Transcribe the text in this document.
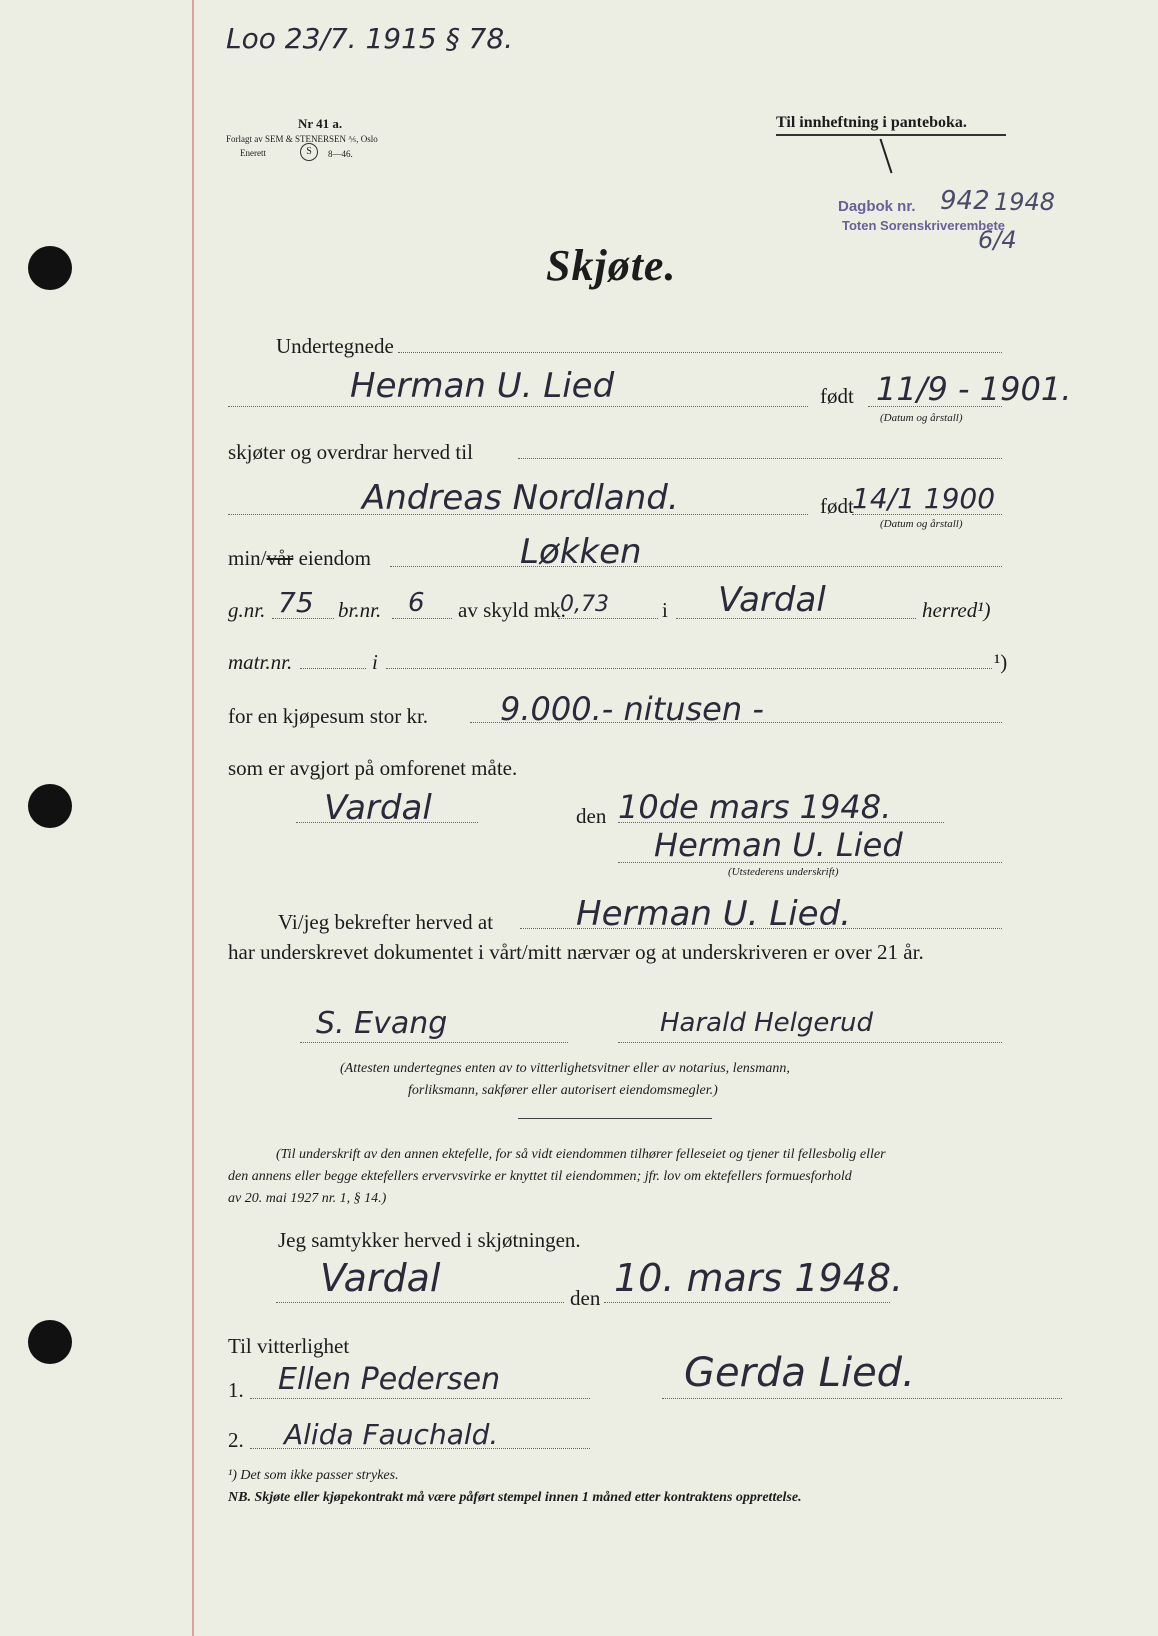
Loo 23/7. 1915 § 78.
Nr 41 a.
Forlagt av SEM & STENERSEN ⅍, Oslo
Enerett	S	8—46.
Til innheftning i panteboka.
Dagbok nr. 942 1948
Toten Sorenskriverembete
6/4
Skjøte.
Undertegnede
Herman U. Lied	født 11/9 - 1901.
(Datum og årstall)
skjøter og overdrar herved til
Andreas Nordland.	født
14/1 1900
(Datum og årstall)
min/vår eiendom	Løkken
g.nr. 75 br.nr. 6 av skyld mk.
0,73	i Vardal	herred¹)
matr.nr.	i	¹)
for en kjøpesum stor kr. 9.000.- nitusen -
som er avgjort på omforenet måte.
Vardal	den 10de mars 1948.
Herman U. Lied
(Utstederens underskrift)
Vi/jeg bekrefter herved at Herman U. Lied.
har underskrevet dokumentet i vårt/mitt nærvær og at underskriveren er over 21 år.
S. Evang	Harald Helgerud
(Attesten undertegnes enten av to vitterlighetsvitner eller av notarius, lensmann,
forliksmann, sakfører eller autorisert eiendomsmegler.)
(Til underskrift av den annen ektefelle, for så vidt eiendommen tilhører felleseiet og tjener til fellesbolig eller
den annens eller begge ektefellers ervervsvirke er knyttet til eiendommen; jfr. lov om ektefellers formuesforhold
av 20. mai 1927 nr. 1, § 14.)
Jeg samtykker herved i skjøtningen.
Vardal	den 10. mars 1948.
Til vitterlighet
1. Ellen Pedersen	Gerda Lied.
2. Alida Fauchald.
¹) Det som ikke passer strykes.
NB. Skjøte eller kjøpekontrakt må være påført stempel innen 1 måned etter kontraktens opprettelse.
